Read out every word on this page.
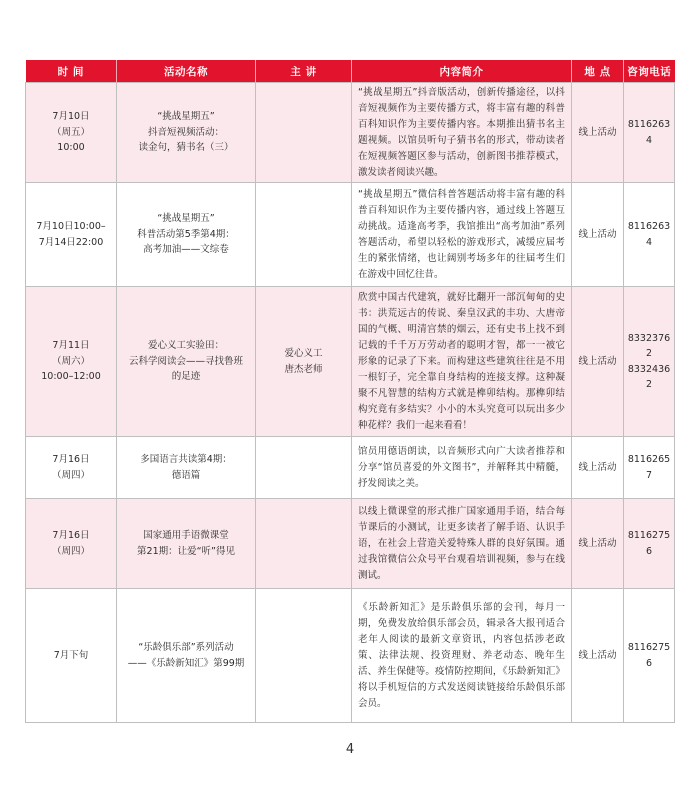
时 间	活动名称	主 讲	内容简介	地 点	咨询电话

7月10日
（周五）
10:00	“挑战星期五”
抖音短视频活动：
读金句，猜书名（三）		“挑战星期五”抖音版活动，创新传播途径，以抖音短视频作为主要传播方式，将丰富有趣的科普百科知识作为主要传播内容。本期推出猜书名主题视频。以馆员听句子猜书名的形式，带动读者在短视频答题区参与活动，创新图书推荐模式，激发读者阅读兴趣。	线上活动	81162634

7月10日10:00–
7月14日22:00	“挑战星期五”
科普活动第5季第4期：
高考加油——文综卷		“挑战星期五”微信科普答题活动将丰富有趣的科普百科知识作为主要传播内容，通过线上答题互动挑战。适逢高考季，我馆推出“高考加油”系列答题活动，希望以轻松的游戏形式，减缓应届考生的紧张情绪，也让阔别考场多年的往届考生们在游戏中回忆往昔。	线上活动	81162634

7月11日
（周六）
10:00–12:00	爱心义工实验田：
云科学阅读会——寻找鲁班
的足迹	爱心义工
唐杰老师	欣赏中国古代建筑，就好比翻开一部沉甸甸的史书：洪荒远古的传说、秦皇汉武的丰功、大唐帝国的气概、明清宫禁的烟云，还有史书上找不到记载的千千万万劳动者的聪明才智，都一一被它形象的记录了下来。而构建这些建筑往往是不用一根钉子，完全靠自身结构的连接支撑。这种凝聚不凡智慧的结构方式就是榫卯结构。那榫卯结构究竟有多结实？小小的木头究竟可以玩出多少种花样？我们一起来看看！	线上活动	83323762
83324362

7月16日
（周四）	多国语言共读第4期：
德语篇		馆员用德语朗读，以音频形式向广大读者推荐和分享“馆员喜爱的外文图书”，并解释其中精髓，抒发阅读之美。	线上活动	81162657

7月16日
（周四）	国家通用手语微课堂
第21期：让爱“听”得见		以线上微课堂的形式推广国家通用手语，结合每节课后的小测试，让更多读者了解手语、认识手语，在社会上营造关爱特殊人群的良好氛围。通过我馆微信公众号平台观看培训视频，参与在线测试。	线上活动	81162756

7月下旬	“乐龄俱乐部”系列活动
——《乐龄新知汇》第99期		《乐龄新知汇》是乐龄俱乐部的会刊，每月一期，免费发放给俱乐部会员，辑录各大报刊适合老年人阅读的最新文章资讯，内容包括涉老政策、法律法规、投资理财、养老动态、晚年生活、养生保健等。疫情防控期间，《乐龄新知汇》将以手机短信的方式发送阅读链接给乐龄俱乐部会员。	线上活动	81162756
4
